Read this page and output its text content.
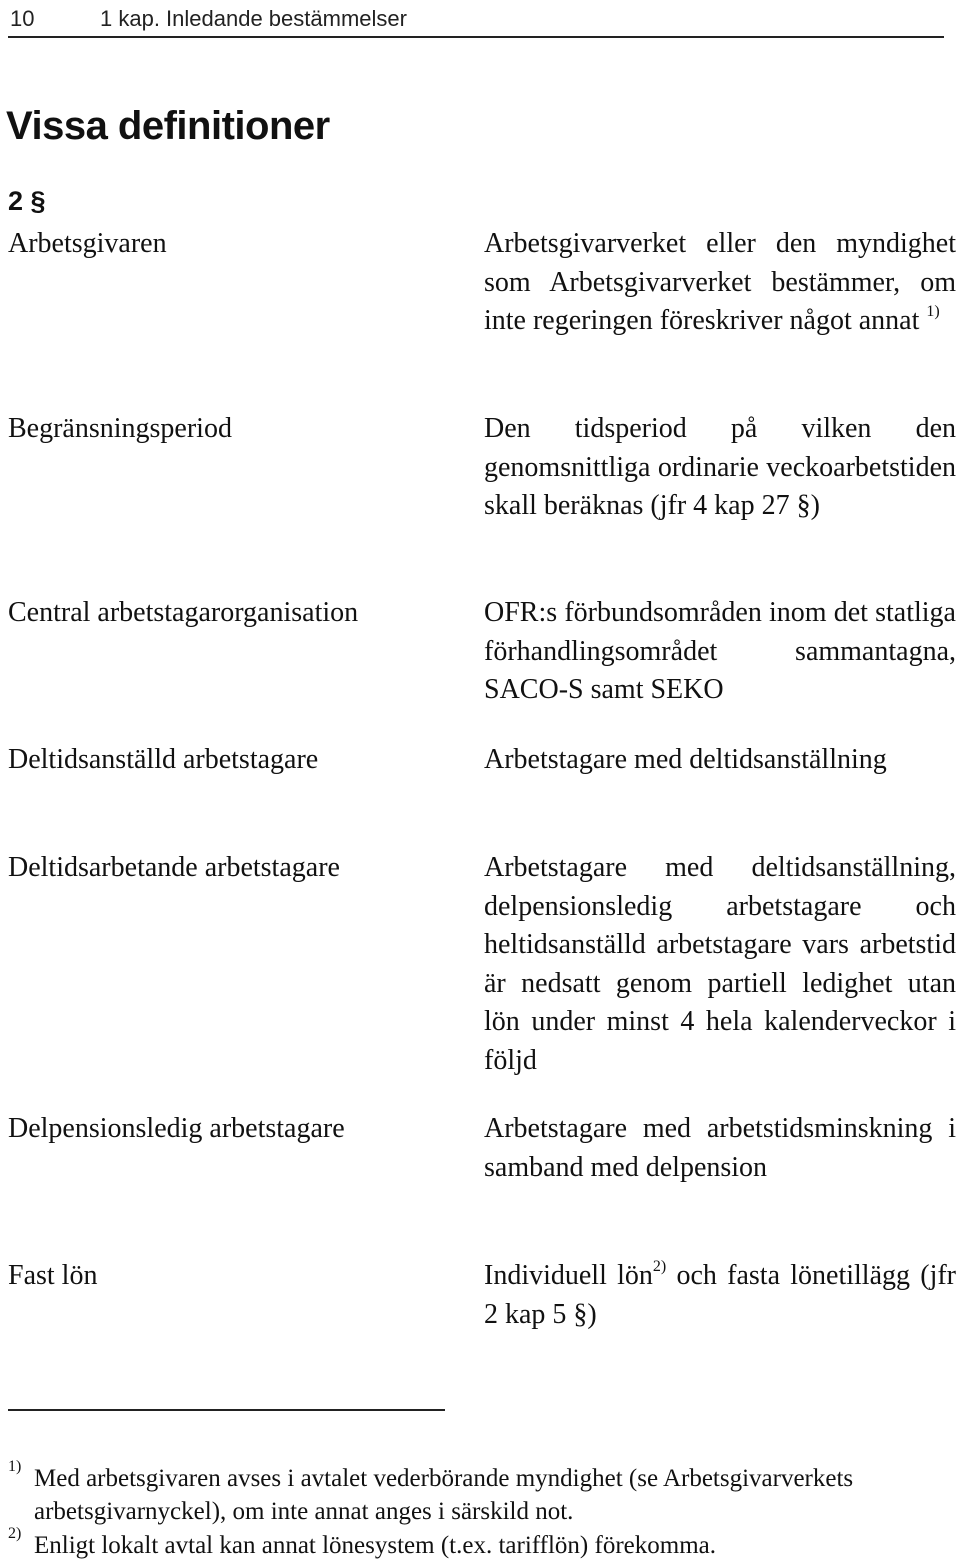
10	1 kap. Inledande bestämmelser
Vissa definitioner
2 §
Arbetsgivaren	Arbetsgivarverket eller den myndighet som Arbetsgivarverket bestämmer, om inte regeringen föreskriver något annat $^{1)}$
Begränsningsperiod	Den tidsperiod på vilken den genomsnittliga ordinarie veckoarbetstiden skall beräknas (jfr 4 kap 27 §)
Central arbetstagarorganisation	OFR:s förbundsområden inom det statliga förhandlingsområdet sammantagna, SACO-S samt SEKO
Deltidsanställd arbetstagare	Arbetstagare med deltidsanställning
Deltidsarbetande arbetstagare	Arbetstagare med deltidsanställning, delpensionsledig arbetstagare och heltidsanställd arbetstagare vars arbetstid är nedsatt genom partiell ledighet utan lön under minst 4 hela kalenderveckor i följd
Delpensionsledig arbetstagare	Arbetstagare med arbetstidsminskning i samband med delpension
Fast lön	Individuell lön$^{2)}$ och fasta lönetillägg (jfr 2 kap 5 §)
1) Med arbetsgivaren avses i avtalet vederbörande myndighet (se Arbetsgivarverkets arbetsgivarnyckel), om inte annat anges i särskild not.
2) Enligt lokalt avtal kan annat lönesystem (t.ex. tarifflön) förekomma.
